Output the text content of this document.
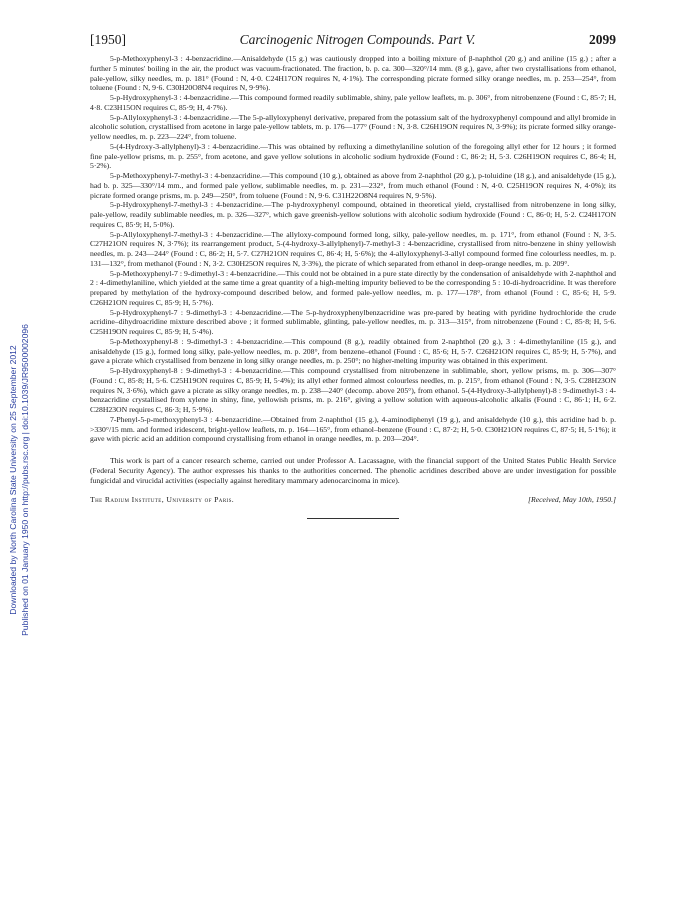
Downloaded by North Carolina State University on 25 September 2012 Published on 01 January 1950 on http://pubs.rsc.org | doi:10.1039/JR9500002096
[1950]	Carcinogenic Nitrogen Compounds. Part V.	2099

5-p-Methoxyphenyl-3 : 4-benzacridine.—Anisaldehyde (15 g.) was cautiously dropped into a boiling mixture of β-naphthol (20 g.) and aniline (15 g.) ; after a further 5 minutes' boiling in the air, the product was vacuum-fractionated. The fraction, b. p. ca. 300—320°/14 mm. (8 g.), gave, after two crystallisations from ethanol, pale-yellow, silky needles, m. p. 181° (Found : N, 4·0. C24H17ON requires N, 4·1%). The corresponding picrate formed silky orange needles, m. p. 253—254°, from toluene (Found : N, 9·6. C30H20O8N4 requires N, 9·9%).

5-p-Hydroxyphenyl-3 : 4-benzacridine.—This compound formed readily sublimable, shiny, pale yellow leaflets, m. p. 306°, from nitrobenzene (Found : C, 85·7; H, 4·8. C23H15ON requires C, 85·9; H, 4·7%).

5-p-Allyloxyphenyl-3 : 4-benzacridine.—The 5-p-allyloxyphenyl derivative, prepared from the potassium salt of the hydroxyphenyl compound and allyl bromide in alcoholic solution, crystallised from acetone in large pale-yellow tablets, m. p. 176—177° (Found : N, 3·8. C26H19ON requires N, 3·9%); its picrate formed silky orange-yellow needles, m. p. 223—224°, from toluene.

5-(4-Hydroxy-3-allylphenyl)-3 : 4-benzacridine.—This was obtained by refluxing a dimethylaniline solution of the foregoing allyl ether for 12 hours ; it formed fine pale-yellow prisms, m. p. 255°, from acetone, and gave yellow solutions in alcoholic sodium hydroxide (Found : C, 86·2; H, 5·3. C26H19ON requires C, 86·4; H, 5·2%).

5-p-Methoxyphenyl-7-methyl-3 : 4-benzacridine.—This compound (10 g.), obtained as above from 2-naphthol (20 g.), p-toluidine (18 g.), and anisaldehyde (15 g.), had b. p. 325—330°/14 mm., and formed pale yellow, sublimable needles, m. p. 231—232°, from much ethanol (Found : N, 4·0. C25H19ON requires N, 4·0%); its picrate formed orange prisms, m. p. 249—250°, from toluene (Found : N, 9·6. C31H22O8N4 requires N, 9·5%).

5-p-Hydroxyphenyl-7-methyl-3 : 4-benzacridine.—The p-hydroxyphenyl compound, obtained in theoretical yield, crystallised from nitrobenzene in long silky, pale-yellow, readily sublimable needles, m. p. 326—327°, which gave greenish-yellow solutions with alcoholic sodium hydroxide (Found : C, 86·0; H, 5·2. C24H17ON requires C, 85·9; H, 5·0%).

5-p-Allyloxyphenyl-7-methyl-3 : 4-benzacridine.—The allyloxy-compound formed long, silky, pale-yellow needles, m. p. 171°, from ethanol (Found : N, 3·5. C27H21ON requires N, 3·7%); its rearrangement product, 5-(4-hydroxy-3-allylphenyl)-7-methyl-3 : 4-benzacridine, crystallised from nitro-benzene in shiny yellowish needles, m. p. 243—244° (Found : C, 86·2; H, 5·7. C27H21ON requires C, 86·4; H, 5·6%); the 4-allyloxyphenyl-3-allyl compound formed fine colourless needles, m. p. 131—132°, from methanol (Found : N, 3·2. C30H25ON requires N, 3·3%), the picrate of which separated from ethanol in deep-orange needles, m. p. 209°.

5-p-Methoxyphenyl-7 : 9-dimethyl-3 : 4-benzacridine.—This could not be obtained in a pure state directly by the condensation of anisaldehyde with 2-naphthol and 2 : 4-dimethylaniline, which yielded at the same time a great quantity of a high-melting impurity believed to be the corresponding 5 : 10-di-hydroacridine. It was therefore prepared by methylation of the hydroxy-compound described below, and formed pale-yellow needles, m. p. 177—178°, from ethanol (Found : C, 85·6; H, 5·9. C26H21ON requires C, 85·9; H, 5·7%).

5-p-Hydroxyphenyl-7 : 9-dimethyl-3 : 4-benzacridine.—The 5-p-hydroxyphenylbenzacridine was pre-pared by heating with pyridine hydrochloride the crude acridine–dihydroacridine mixture described above ; it formed sublimable, glinting, pale-yellow needles, m. p. 313—315°, from nitrobenzene (Found : C, 85·8; H, 5·6. C25H19ON requires C, 85·9; H, 5·4%).

5-p-Methoxyphenyl-8 : 9-dimethyl-3 : 4-benzacridine.—This compound (8 g.), readily obtained from 2-naphthol (20 g.), 3 : 4-dimethylaniline (15 g.), and anisaldehyde (15 g.), formed long silky, pale-yellow needles, m. p. 208°, from benzene–ethanol (Found : C, 85·6; H, 5·7. C26H21ON requires C, 85·9; H, 5·7%), and gave a picrate which crystallised from benzene in long silky orange needles, m. p. 250°; no higher-melting impurity was obtained in this experiment.

5-p-Hydroxyphenyl-8 : 9-dimethyl-3 : 4-benzacridine.—This compound crystallised from nitrobenzene in sublimable, short, yellow prisms, m. p. 306—307° (Found : C, 85·8; H, 5·6. C25H19ON requires C, 85·9; H, 5·4%); its allyl ether formed almost colourless needles, m. p. 215°, from ethanol (Found : N, 3·5. C28H23ON requires N, 3·6%), which gave a picrate as silky orange needles, m. p. 238—240° (decomp. above 205°), from ethanol. 5-(4-Hydroxy-3-allylphenyl)-8 : 9-dimethyl-3 : 4-benzacridine crystallised from xylene in shiny, fine, yellowish prisms, m. p. 216°, giving a yellow solution with aqueous-alcoholic alkalis (Found : C, 86·1; H, 6·2. C28H23ON requires C, 86·3; H, 5·9%).

7-Phenyl-5-p-methoxyphenyl-3 : 4-benzacridine.—Obtained from 2-naphthol (15 g.), 4-aminodiphenyl (19 g.), and anisaldehyde (10 g.), this acridine had b. p. >330°/15 mm. and formed iridescent, bright-yellow leaflets, m. p. 164—165°, from ethanol–benzene (Found : C, 87·2; H, 5·0. C30H21ON requires C, 87·5; H, 5·1%); it gave with picric acid an addition compound crystallising from ethanol in orange needles, m. p. 203—204°.

This work is part of a cancer research scheme, carried out under Professor A. Lacassagne, with the financial support of the United States Public Health Service (Federal Security Agency). The author expresses his thanks to the authorities concerned. The phenolic acridines described above are under investigation for possible fungicidal and virucidal activities (especially against hereditary mammary adenocarcinoma in mice).

The Radium Institute, University of Paris.	[Received, May 10th, 1950.]
